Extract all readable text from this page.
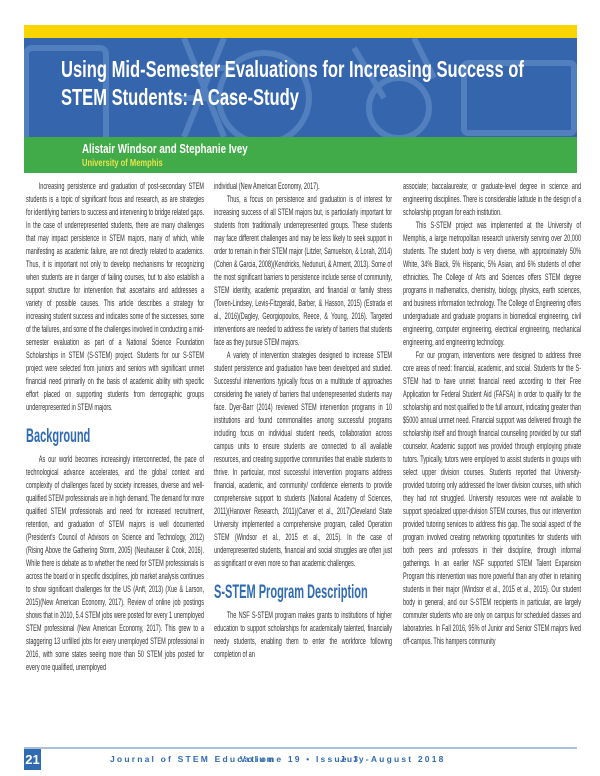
Using Mid-Semester Evaluations for Increasing Success of
STEM Students: A Case-Study
Alistair Windsor and Stephanie Ivey
University of Memphis

Increasing persistence and graduation of post-secondary STEM students is a topic of significant focus and research, as are strategies for identifying barriers to success and intervening to bridge related gaps. In the case of underrepresented students, there are many challenges that may impact persistence in STEM majors, many of which, while manifesting as academic failure, are not directly related to academics. Thus, it is important not only to develop mechanisms for recognizing when students are in danger of failing courses, but to also establish a support structure for intervention that ascertains and addresses a variety of possible causes. This article describes a strategy for increasing student success and indicates some of the successes, some of the failures, and some of the challenges involved in conducting a mid-semester evaluation as part of a National Science Foundation Scholarships in STEM (S-STEM) project. Students for our S-STEM project were selected from juniors and seniors with significant unmet financial need primarily on the basis of academic ability with specific effort placed on supporting students from demographic groups underrepresented in STEM majors.

Background

As our world becomes increasingly interconnected, the pace of technological advance accelerates, and the global context and complexity of challenges faced by society increases, diverse and well-qualified STEM professionals are in high demand. The demand for more qualified STEM professionals and need for increased recruitment, retention, and graduation of STEM majors is well documented (President's Council of Advisors on Science and Technology, 2012)(Rising Above the Gathering Storm, 2005) (Neuhauser & Cook, 2016). While there is debate as to whether the need for STEM professionals is across the board or in specific disciplines, job market analysis continues to show significant challenges for the US (Anft, 2013) (Xue & Larson, 2015)(New American Economy, 2017). Review of online job postings shows that in 2010, 5.4 STEM jobs were posted for every 1 unemployed STEM professional (New American Economy, 2017). This grew to a staggering 13 unfilled jobs for every unemployed STEM professional in 2016, with some states seeing more than 50 STEM jobs posted for every one qualified, unemployed

individual (New American Economy, 2017).

Thus, a focus on persistence and graduation is of interest for increasing success of all STEM majors but, is particularly important for students from traditionally underrepresented groups. These students may face different challenges and may be less likely to seek support in order to remain in their STEM major (Litzler, Samuelson, & Lorah, 2014)(Cohen & Garcia, 2008)(Kendricks, Nedunuri, & Arment, 2013). Some of the most significant barriers to persistence include sense of community, STEM identity, academic preparation, and financial or family stress (Toven-Lindsey, Levis-Fitzgerald, Barber, & Hasson, 2015) (Estrada et al., 2016)(Dagley, Georgiopoulos, Reece, & Young, 2016). Targeted interventions are needed to address the variety of barriers that students face as they pursue STEM majors.

A variety of intervention strategies designed to increase STEM student persistence and graduation have been developed and studied. Successful interventions typically focus on a multitude of approaches considering the variety of barriers that underrepresented students may face. Dyer-Barr (2014) reviewed STEM intervention programs in 10 institutions and found commonalities among successful programs including focus on individual student needs, collaboration across campus units to ensure students are connected to all available resources, and creating supportive communities that enable students to thrive. In particular, most successful intervention programs address financial, academic, and community/ confidence elements to provide comprehensive support to students (National Academy of Sciences, 2011)(Hanover Research, 2011)(Carver et al., 2017)Cleveland State University implemented a comprehensive program, called Operation STEM (Windsor et al., 2015 et al., 2015). In the case of underrepresented students, financial and social struggles are often just as significant or even more so than academic challenges.

S-STEM Program Description

The NSF S-STEM program makes grants to institutions of higher education to support scholarships for academically talented, financially needy students, enabling them to enter the workforce following completion of an

associate; baccalaureate; or graduate-level degree in science and engineering disciplines. There is considerable latitude in the design of a scholarship program for each institution.

This S-STEM project was implemented at the University of Memphis, a large metropolitan research university serving over 20,000 students. The student body is very diverse, with approximately 50% White, 34% Black, 5% Hispanic, 5% Asian, and 6% students of other ethnicities. The College of Arts and Sciences offers STEM degree programs in mathematics, chemistry, biology, physics, earth sciences, and business information technology. The College of Engineering offers undergraduate and graduate programs in biomedical engineering, civil engineering, computer engineering, electrical engineering, mechanical engineering, and engineering technology.

For our program, interventions were designed to address three core areas of need: financial, academic, and social. Students for the S-STEM had to have unmet financial need according to their Free Application for Federal Student Aid (FAFSA) in order to qualify for the scholarship and most qualified to the full amount, indicating greater than $5000 annual unmet need. Financial support was delivered through the scholarship itself and through financial counseling provided by our staff counselor. Academic support was provided through employing private tutors. Typically, tutors were employed to assist students in groups with select upper division courses. Students reported that University-provided tutoring only addressed the lower division courses, with which they had not struggled. University resources were not available to support specialized upper-division STEM courses, thus our intervention provided tutoring services to address this gap. The social aspect of the program involved creating networking opportunities for students with both peers and professors in their discipline, through informal gatherings. In an earlier NSF supported STEM Talent Expansion Program this intervention was more powerful than any other in retaining students in their major (Windsor et al., 2015 et al., 2015). Our student body in general, and our S-STEM recipients in particular, are largely commuter students who are only on campus for scheduled classes and laboratories. In Fall 2016, 95% of Junior and Senior STEM majors lived off-campus. This hampers community

21	Journal of STEM Education
Volume 19 • Issue 3
July-August 2018
